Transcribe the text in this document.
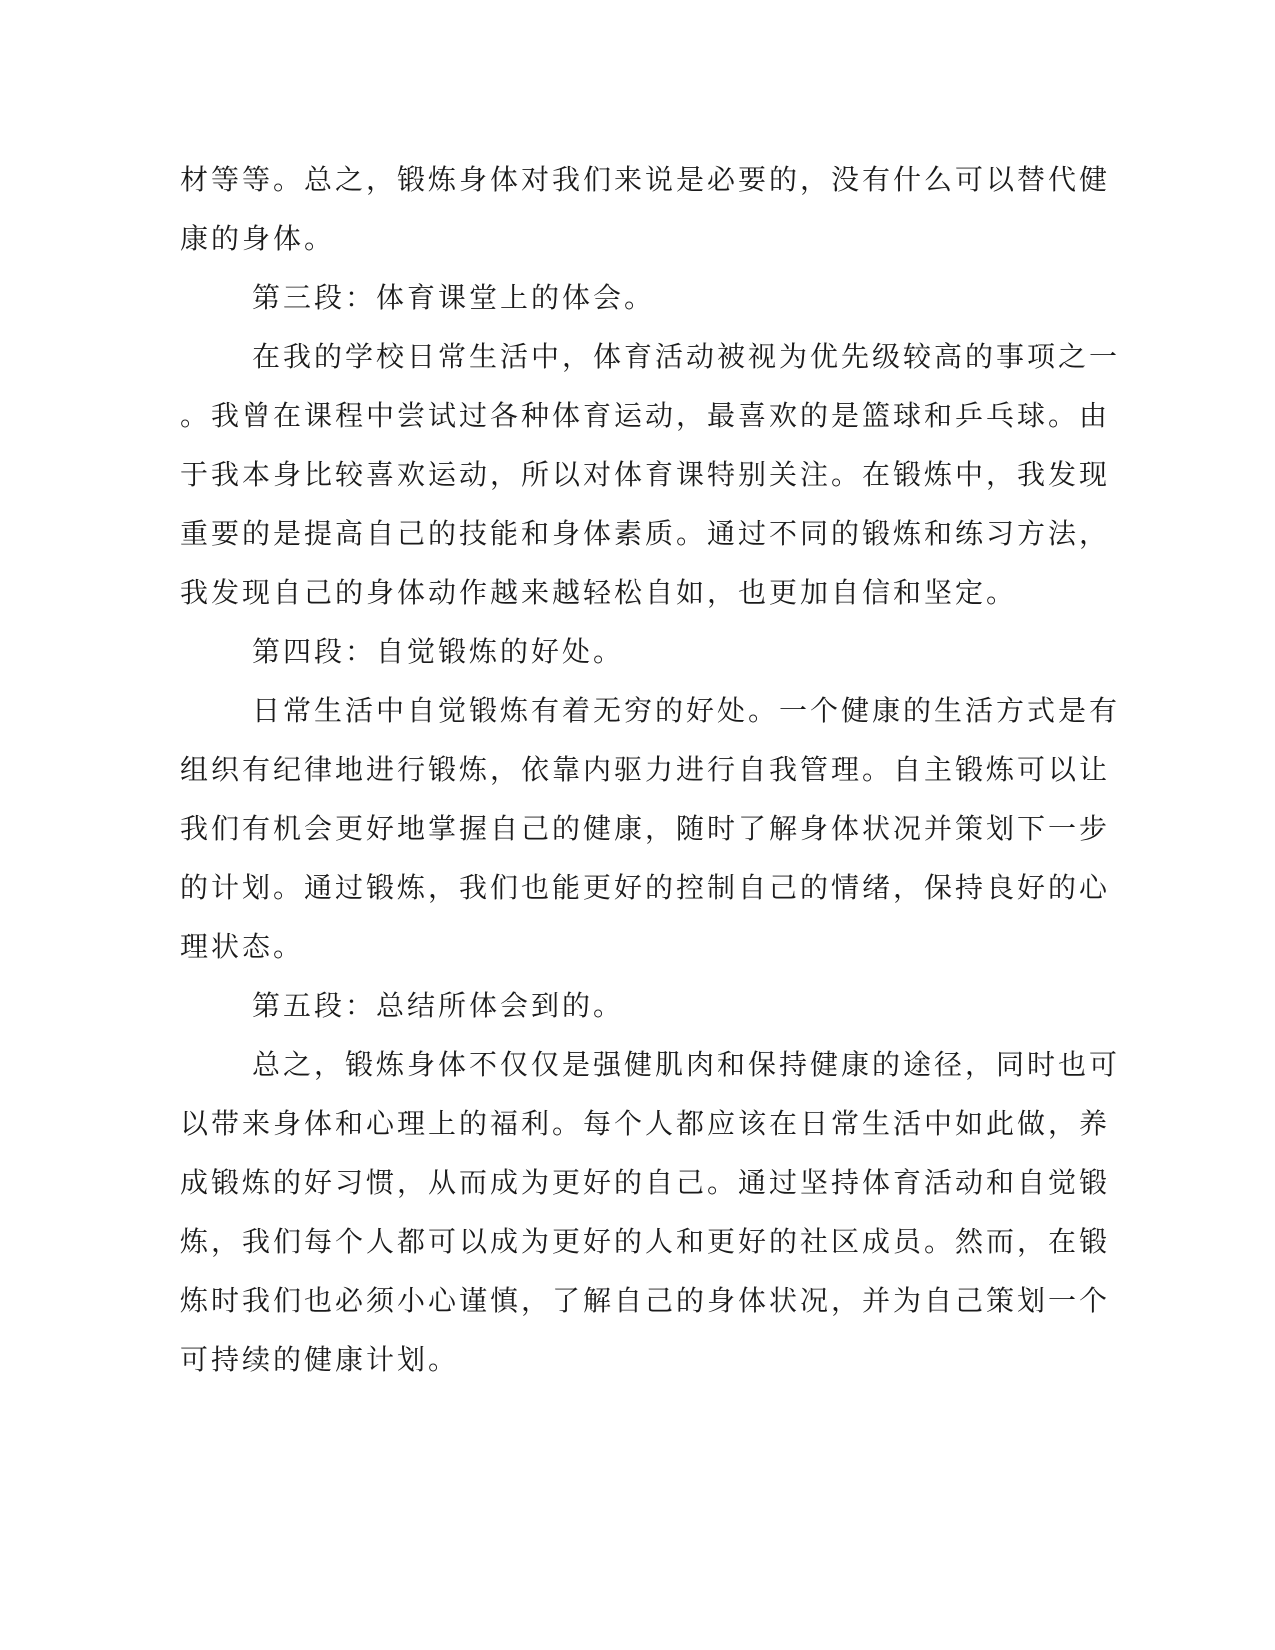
材等等。总之，锻炼身体对我们来说是必要的，没有什么可以替代健
康的身体。
第三段：体育课堂上的体会。
在我的学校日常生活中，体育活动被视为优先级较高的事项之一
。我曾在课程中尝试过各种体育运动，最喜欢的是篮球和乒乓球。由
于我本身比较喜欢运动，所以对体育课特别关注。在锻炼中，我发现
重要的是提高自己的技能和身体素质。通过不同的锻炼和练习方法，
我发现自己的身体动作越来越轻松自如，也更加自信和坚定。
第四段：自觉锻炼的好处。
日常生活中自觉锻炼有着无穷的好处。一个健康的生活方式是有
组织有纪律地进行锻炼，依靠内驱力进行自我管理。自主锻炼可以让
我们有机会更好地掌握自己的健康，随时了解身体状况并策划下一步
的计划。通过锻炼，我们也能更好的控制自己的情绪，保持良好的心
理状态。
第五段：总结所体会到的。
总之，锻炼身体不仅仅是强健肌肉和保持健康的途径，同时也可
以带来身体和心理上的福利。每个人都应该在日常生活中如此做，养
成锻炼的好习惯，从而成为更好的自己。通过坚持体育活动和自觉锻
炼，我们每个人都可以成为更好的人和更好的社区成员。然而，在锻
炼时我们也必须小心谨慎，了解自己的身体状况，并为自己策划一个
可持续的健康计划。
